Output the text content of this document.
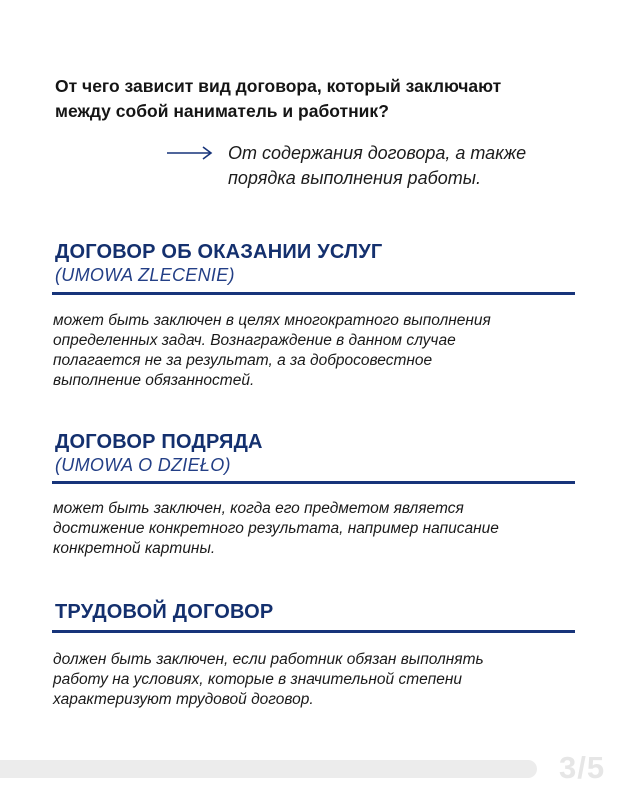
От чего зависит вид договора, который заключают
между собой наниматель и работник?
От содержания договора, а также
порядка выполнения работы.
ДОГОВОР ОБ ОКАЗАНИИ УСЛУГ
(UMOWA ZLECENIE)
может быть заключен в целях многократного выполнения
определенных задач. Вознаграждение в данном случае
полагается не за результат, а за добросовестное
выполнение обязанностей.
ДОГОВОР ПОДРЯДА
(UMOWA O DZIEŁO)
может быть заключен, когда его предметом является
достижение конкретного результата, например написание
конкретной картины.
ТРУДОВОЙ ДОГОВОР
должен быть заключен, если работник обязан выполнять
работу на условиях, которые в значительной степени
характеризуют трудовой договор.
3/5
